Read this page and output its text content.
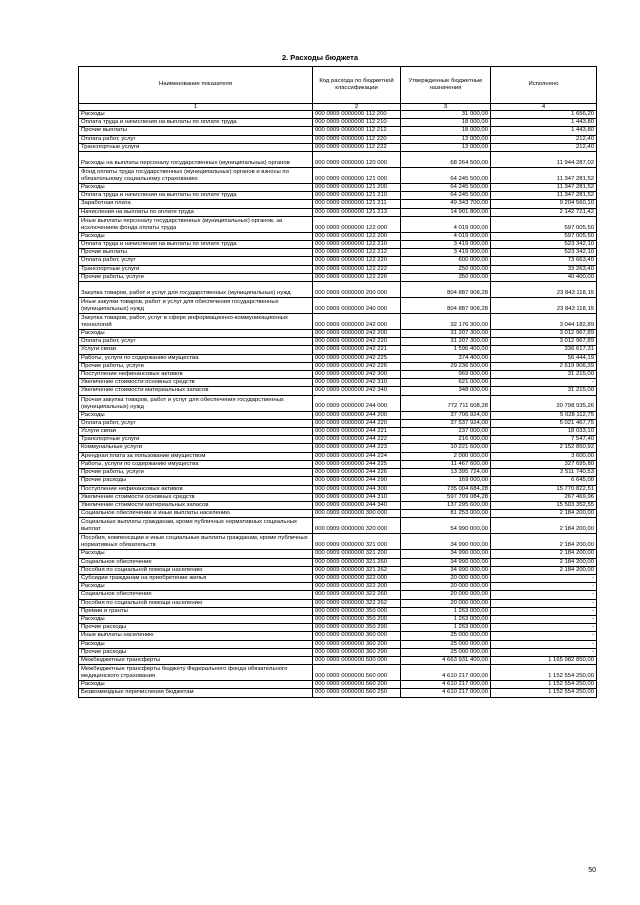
2. Расходы бюджета
Наименование показателя	Код расхода по бюджетной классификации	Утвержденные бюджетные назначения	Исполнено
1	2	3	4
Расходы	000 0909 0000000 112 200	31 000,00	1 656,20
Оплата труда и начисления на выплаты по оплате труда	000 0909 0000000 112 210	18 000,00	1 443,80
Прочие выплаты	000 0909 0000000 112 212	18 000,00	1 443,80
Оплата работ, услуг	000 0909 0000000 112 220	13 000,00	212,40
Транспортные услуги	000 0909 0000000 112 222	13 000,00	212,40
Расходы на выплаты персоналу государственных (муниципальных) органов	000 0909 0000000 120 000	68 264 500,00	11 944 287,02
Фонд оплаты труда государственных (муниципальных) органов и взносы по обязательному социальному страхованию	000 0909 0000000 121 000	64 245 500,00	11 347 281,52
Расходы	000 0909 0000000 121 200	64 245 500,00	11 347 281,52
Оплата труда и начисления на выплаты по оплате труда	000 0909 0000000 121 210	64 245 500,00	11 347 281,52
Заработная плата	000 0909 0000000 121 211	49 343 700,00	9 204 560,10
Начисления на выплаты по оплате труда	000 0909 0000000 121 213	14 901 800,00	2 142 721,42
Иные выплаты персоналу государственных (муниципальных) органов, за исключением фонда оплаты труда	000 0909 0000000 122 000	4 019 000,00	597 005,50
Расходы	000 0909 0000000 122 200	4 019 000,00	597 005,50
Оплата труда и начисления на выплаты по оплате труда	000 0909 0000000 122 210	3 419 000,00	523 342,10
Прочие выплаты	000 0909 0000000 122 212	3 419 000,00	523 342,10
Оплата работ, услуг	000 0909 0000000 122 220	600 000,00	73 663,40
Транспортные услуги	000 0909 0000000 122 222	250 000,00	33 263,40
Прочие работы, услуги	000 0909 0000000 122 226	350 000,00	40 400,00
Закупка товаров, работ и услуг для государственных (муниципальных) нужд	000 0909 0000000 200 000	804 887 908,28	23 843 118,15
Иные закупки товаров, работ и услуг для обеспечения государственных (муниципальных) нужд	000 0909 0000000 240 000	804 887 908,28	23 843 118,15
Закупка товаров, работ, услуг в сфере информационно-коммуникационных технологий	000 0909 0000000 242 000	32 176 300,00	3 044 182,89
Расходы	000 0909 0000000 242 200	31 207 300,00	3 012 967,89
Оплата работ, услуг	000 0909 0000000 242 220	31 207 300,00	3 012 967,89
Услуги связи	000 0909 0000000 242 221	1 596 400,00	336 617,31
Работы, услуги по содержанию имущества	000 0909 0000000 242 225	374 400,00	56 444,19
Прочие работы, услуги	000 0909 0000000 242 226	29 236 500,00	2 619 906,39
Поступление нефинансовых активов	000 0909 0000000 242 300	969 000,00	31 215,00
Увеличение стоимости основных средств	000 0909 0000000 242 310	621 000,00	-
Увеличение стоимости материальных запасов	000 0909 0000000 242 340	348 000,00	31 215,00
Прочая закупка товаров, работ и услуг для обеспечения государственных (муниципальных) нужд	000 0909 0000000 244 000	772 711 608,28	20 798 935,26
Расходы	000 0909 0000000 244 200	37 706 924,00	5 028 112,75
Оплата работ, услуг	000 0909 0000000 244 220	37 537 924,00	5 021 467,75
Услуги связи	000 0909 0000000 244 221	237 000,00	18 033,10
Транспортные услуги	000 0909 0000000 244 222	216 000,00	7 547,40
Коммунальные услуги	000 0909 0000000 244 223	10 221 600,00	2 152 850,92
Арендная плата за пользование имуществом	000 0909 0000000 244 224	2 000 000,00	3 600,00
Работы, услуги по содержанию имущества	000 0909 0000000 244 225	11 467 600,00	327 695,80
Прочие работы, услуги	000 0909 0000000 244 226	13 395 724,00	2 511 740,53
Прочие расходы	000 0909 0000000 244 290	169 000,00	6 645,00
Поступление нефинансовых активов	000 0909 0000000 244 300	735 004 684,28	15 770 822,51
Увеличение стоимости основных средств	000 0909 0000000 244 310	597 709 084,28	267 469,96
Увеличение стоимости материальных запасов	000 0909 0000000 244 340	137 295 600,00	15 503 352,55
Социальное обеспечение и иные выплаты населению	000 0909 0000000 300 000	81 253 000,00	2 184 200,00
Социальные выплаты гражданам, кроме публичных нормативных социальных выплат	000 0909 0000000 320 000	54 990 000,00	2 184 200,00
Пособия, компенсации и иные социальные выплаты гражданам, кроме публичных нормативных обязательств	000 0909 0000000 321 000	34 990 000,00	2 184 200,00
Расходы	000 0909 0000000 321 200	34 990 000,00	2 184 200,00
Социальное обеспечение	000 0909 0000000 321 260	34 990 000,00	2 184 200,00
Пособия по социальной помощи населению	000 0909 0000000 321 262	34 990 000,00	2 184 200,00
Субсидии гражданам на приобретение жилья	000 0909 0000000 322 000	20 000 000,00	-
Расходы	000 0909 0000000 322 200	20 000 000,00	-
Социальное обеспечение	000 0909 0000000 322 260	20 000 000,00	-
Пособия по социальной помощи населению	000 0909 0000000 322 262	20 000 000,00	-
Премии и гранты	000 0909 0000000 350 000	1 263 000,00	-
Расходы	000 0909 0000000 350 200	1 263 000,00	-
Прочие расходы	000 0909 0000000 350 290	1 263 000,00	-
Иные выплаты населению	000 0909 0000000 360 000	25 000 000,00	-
Расходы	000 0909 0000000 360 200	25 000 000,00	-
Прочие расходы	000 0909 0000000 360 290	25 000 000,00	-
Межбюджетные трансферты	000 0909 0000000 500 000	4 663 931 400,00	1 165 982 850,00
Межбюджетные трансферты бюджету Федерального фонда обязательного медицинского страхования	000 0909 0000000 560 000	4 610 217 000,00	1 152 554 250,00
Расходы	000 0909 0000000 560 200	4 610 217 000,00	1 152 554 250,00
Безвозмездные перечисления бюджетам	000 0909 0000000 560 250	4 610 217 000,00	1 152 554 250,00
50
